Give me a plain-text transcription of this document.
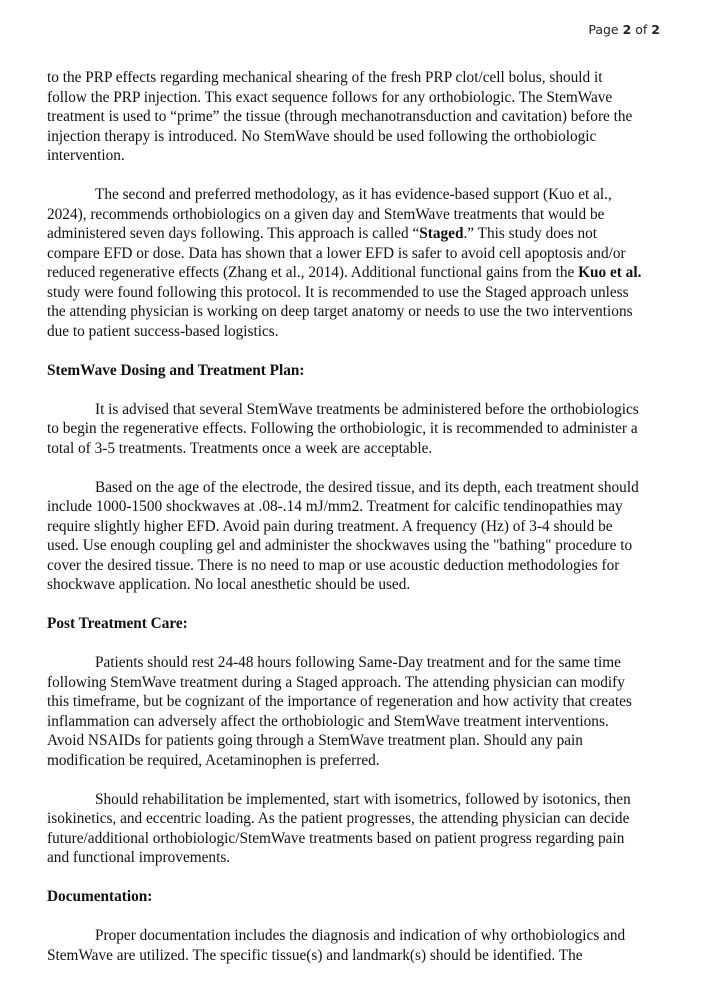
Page 2 of 2

to the PRP effects regarding mechanical shearing of the fresh PRP clot/cell bolus, should it
follow the PRP injection. This exact sequence follows for any orthobiologic. The StemWave
treatment is used to “prime” the tissue (through mechanotransduction and cavitation) before the
injection therapy is introduced. No StemWave should be used following the orthobiologic
intervention.

The second and preferred methodology, as it has evidence-based support (Kuo et al.,
2024), recommends orthobiologics on a given day and StemWave treatments that would be
administered seven days following. This approach is called “Staged.” This study does not
compare EFD or dose. Data has shown that a lower EFD is safer to avoid cell apoptosis and/or
reduced regenerative effects (Zhang et al., 2014). Additional functional gains from the Kuo et al.
study were found following this protocol. It is recommended to use the Staged approach unless
the attending physician is working on deep target anatomy or needs to use the two interventions
due to patient success-based logistics.

StemWave Dosing and Treatment Plan:

It is advised that several StemWave treatments be administered before the orthobiologics
to begin the regenerative effects. Following the orthobiologic, it is recommended to administer a
total of 3-5 treatments. Treatments once a week are acceptable.

Based on the age of the electrode, the desired tissue, and its depth, each treatment should
include 1000-1500 shockwaves at .08-.14 mJ/mm2. Treatment for calcific tendinopathies may
require slightly higher EFD. Avoid pain during treatment. A frequency (Hz) of 3-4 should be
used. Use enough coupling gel and administer the shockwaves using the "bathing" procedure to
cover the desired tissue. There is no need to map or use acoustic deduction methodologies for
shockwave application. No local anesthetic should be used.

Post Treatment Care:

Patients should rest 24-48 hours following Same-Day treatment and for the same time
following StemWave treatment during a Staged approach. The attending physician can modify
this timeframe, but be cognizant of the importance of regeneration and how activity that creates
inflammation can adversely affect the orthobiologic and StemWave treatment interventions.
Avoid NSAIDs for patients going through a StemWave treatment plan. Should any pain
modification be required, Acetaminophen is preferred.

Should rehabilitation be implemented, start with isometrics, followed by isotonics, then
isokinetics, and eccentric loading. As the patient progresses, the attending physician can decide
future/additional orthobiologic/StemWave treatments based on patient progress regarding pain
and functional improvements.

Documentation:

Proper documentation includes the diagnosis and indication of why orthobiologics and
StemWave are utilized. The specific tissue(s) and landmark(s) should be identified. The
